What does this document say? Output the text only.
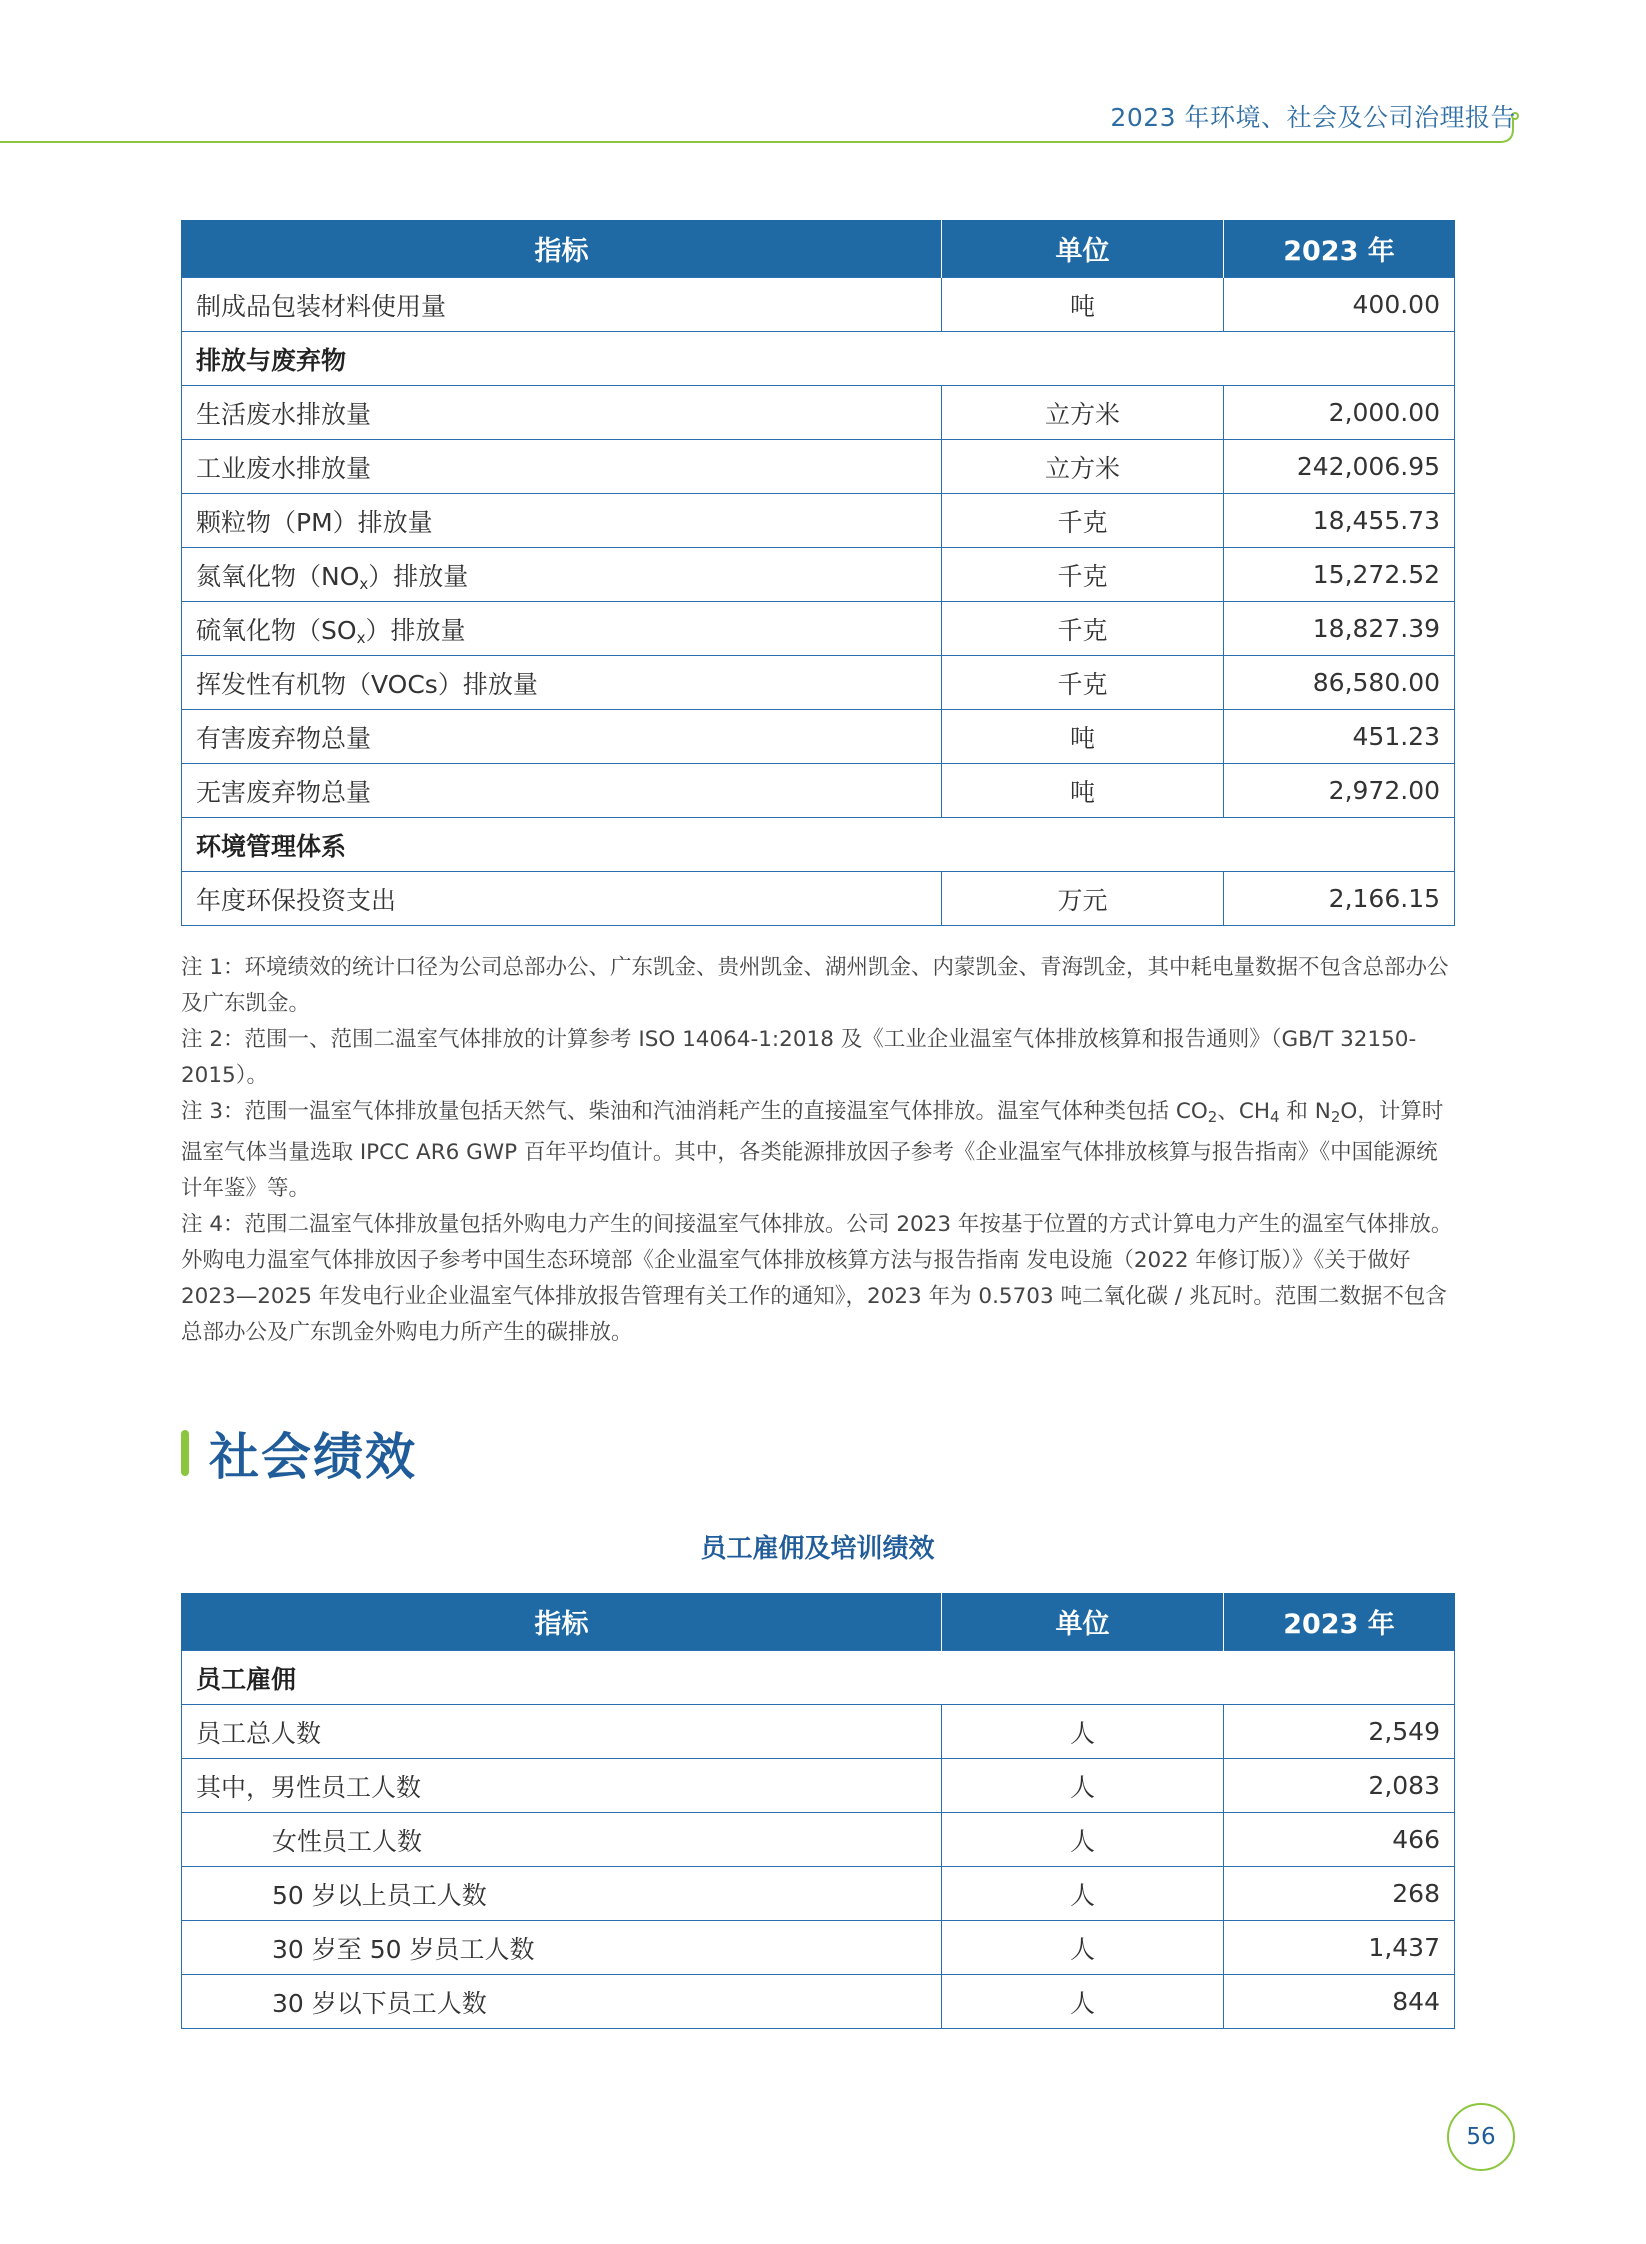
2023 年环境、社会及公司治理报告
指标	单位	2023 年
制成品包装材料使用量	吨	400.00
排放与废弃物		
生活废水排放量	立方米	2,000.00
工业废水排放量	立方米	242,006.95
颗粒物（PM）排放量	千克	18,455.73
氮氧化物$(NO_x)$排放量	千克	15,272.52
硫氧化物$(SO_x)$排放量	千克	18,827.39
挥发性有机物（VOCs）排放量	千克	86,580.00
有害废弃物总量	吨	451.23
无害废弃物总量	吨	2,972.00
环境管理体系		
年度环保投资支出	万元	2,166.15

注 1：环境绩效的统计口径为公司总部办公、广东凯金、贵州凯金、湖州凯金、内蒙凯金、青海凯金，其中耗电量数据不包含总部办公及广东凯金。

注 2：范围一、范围二温室气体排放的计算参考 ISO 14064-1:2018 及《工业企业温室气体排放核算和报告通则》（GB/T 32150-2015）。

注 3：范围一温室气体排放量包括天然气、柴油和汽油消耗产生的直接温室气体排放。温室气体种类包括 $CO_2$、$CH_4$ 和 $N_2O$，计算时温室气体当量选取 IPCC AR6 GWP 百年平均值计。其中，各类能源排放因子参考《企业温室气体排放核算与报告指南》《中国能源统计年鉴》等。

注 4：范围二温室气体排放量包括外购电力产生的间接温室气体排放。公司 2023 年按基于位置的方式计算电力产生的温室气体排放。外购电力温室气体排放因子参考中国生态环境部《企业温室气体排放核算方法与报告指南 发电设施（2022 年修订版）》《关于做好 2023—2025 年发电行业企业温室气体排放报告管理有关工作的通知》，2023 年为 0.5703 吨二氧化碳 / 兆瓦时。范围二数据不包含总部办公及广东凯金外购电力所产生的碳排放。

社会绩效
员工雇佣及培训绩效
指标	单位	2023 年
员工雇佣		
员工总人数	人	2,549
其中，男性员工人数	人	2,083
女性员工人数	人	466
50 岁以上员工人数	人	268
30 岁至 50 岁员工人数	人	1,437
30 岁以下员工人数	人	844
56
